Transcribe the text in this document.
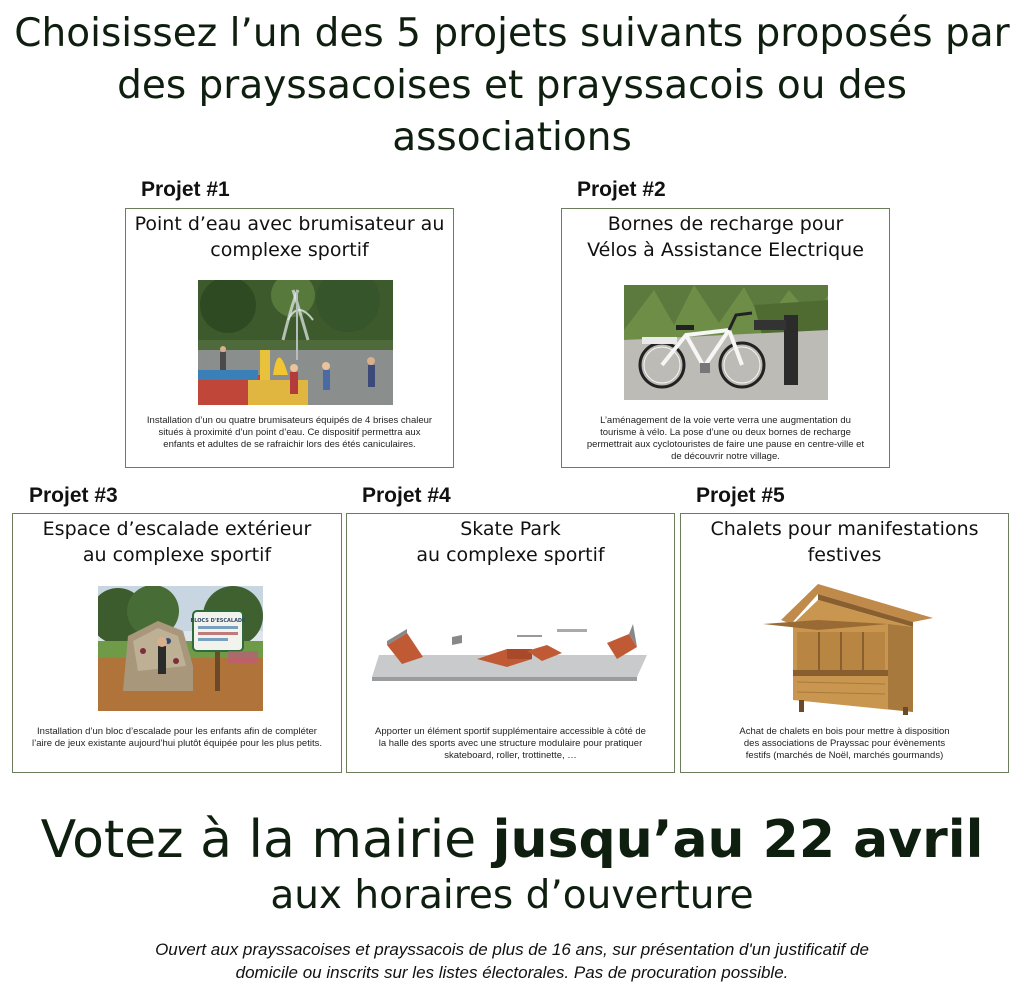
Choisissez l’un des 5 projets suivants proposés par
des prayssacoises et prayssacois ou des
associations
Projet #1
Point d’eau avec brumisateur au
complexe sportif
Installation d’un ou quatre brumisateurs équipés de 4 brises chaleur
situés à proximité d’un point d’eau. Ce dispositif permettra aux
enfants et adultes de se rafraichir lors des étés caniculaires.
Projet #2
Bornes de recharge pour
Vélos à Assistance Electrique
L’aménagement de la voie verte verra une augmentation du
tourisme à vélo. La pose d’une ou deux bornes de recharge
permettrait aux cyclotouristes de faire une pause en centre-ville et
de découvrir notre village.
Projet #3
Espace d’escalade extérieur
au complexe sportif
BLOCS D'ESCALADE
Installation d’un bloc d’escalade pour les enfants afin de compléter
l’aire de jeux existante aujourd’hui plutôt équipée pour les plus petits.
Projet #4
Skate Park
au complexe sportif
Apporter un élément sportif supplémentaire accessible à côté de
la halle des sports avec une structure modulaire pour pratiquer
skateboard, roller, trottinette, …
Projet #5
Chalets pour manifestations
festives
Achat de chalets en bois pour mettre à disposition
des associations de Prayssac pour évènements
festifs (marchés de Noël, marchés gourmands)
Votez à la mairie jusqu’au 22 avril
aux horaires d’ouverture
Ouvert aux prayssacoises et prayssacois de plus de 16 ans, sur présentation d'un justificatif de
domicile ou inscrits sur les listes électorales. Pas de procuration possible.
